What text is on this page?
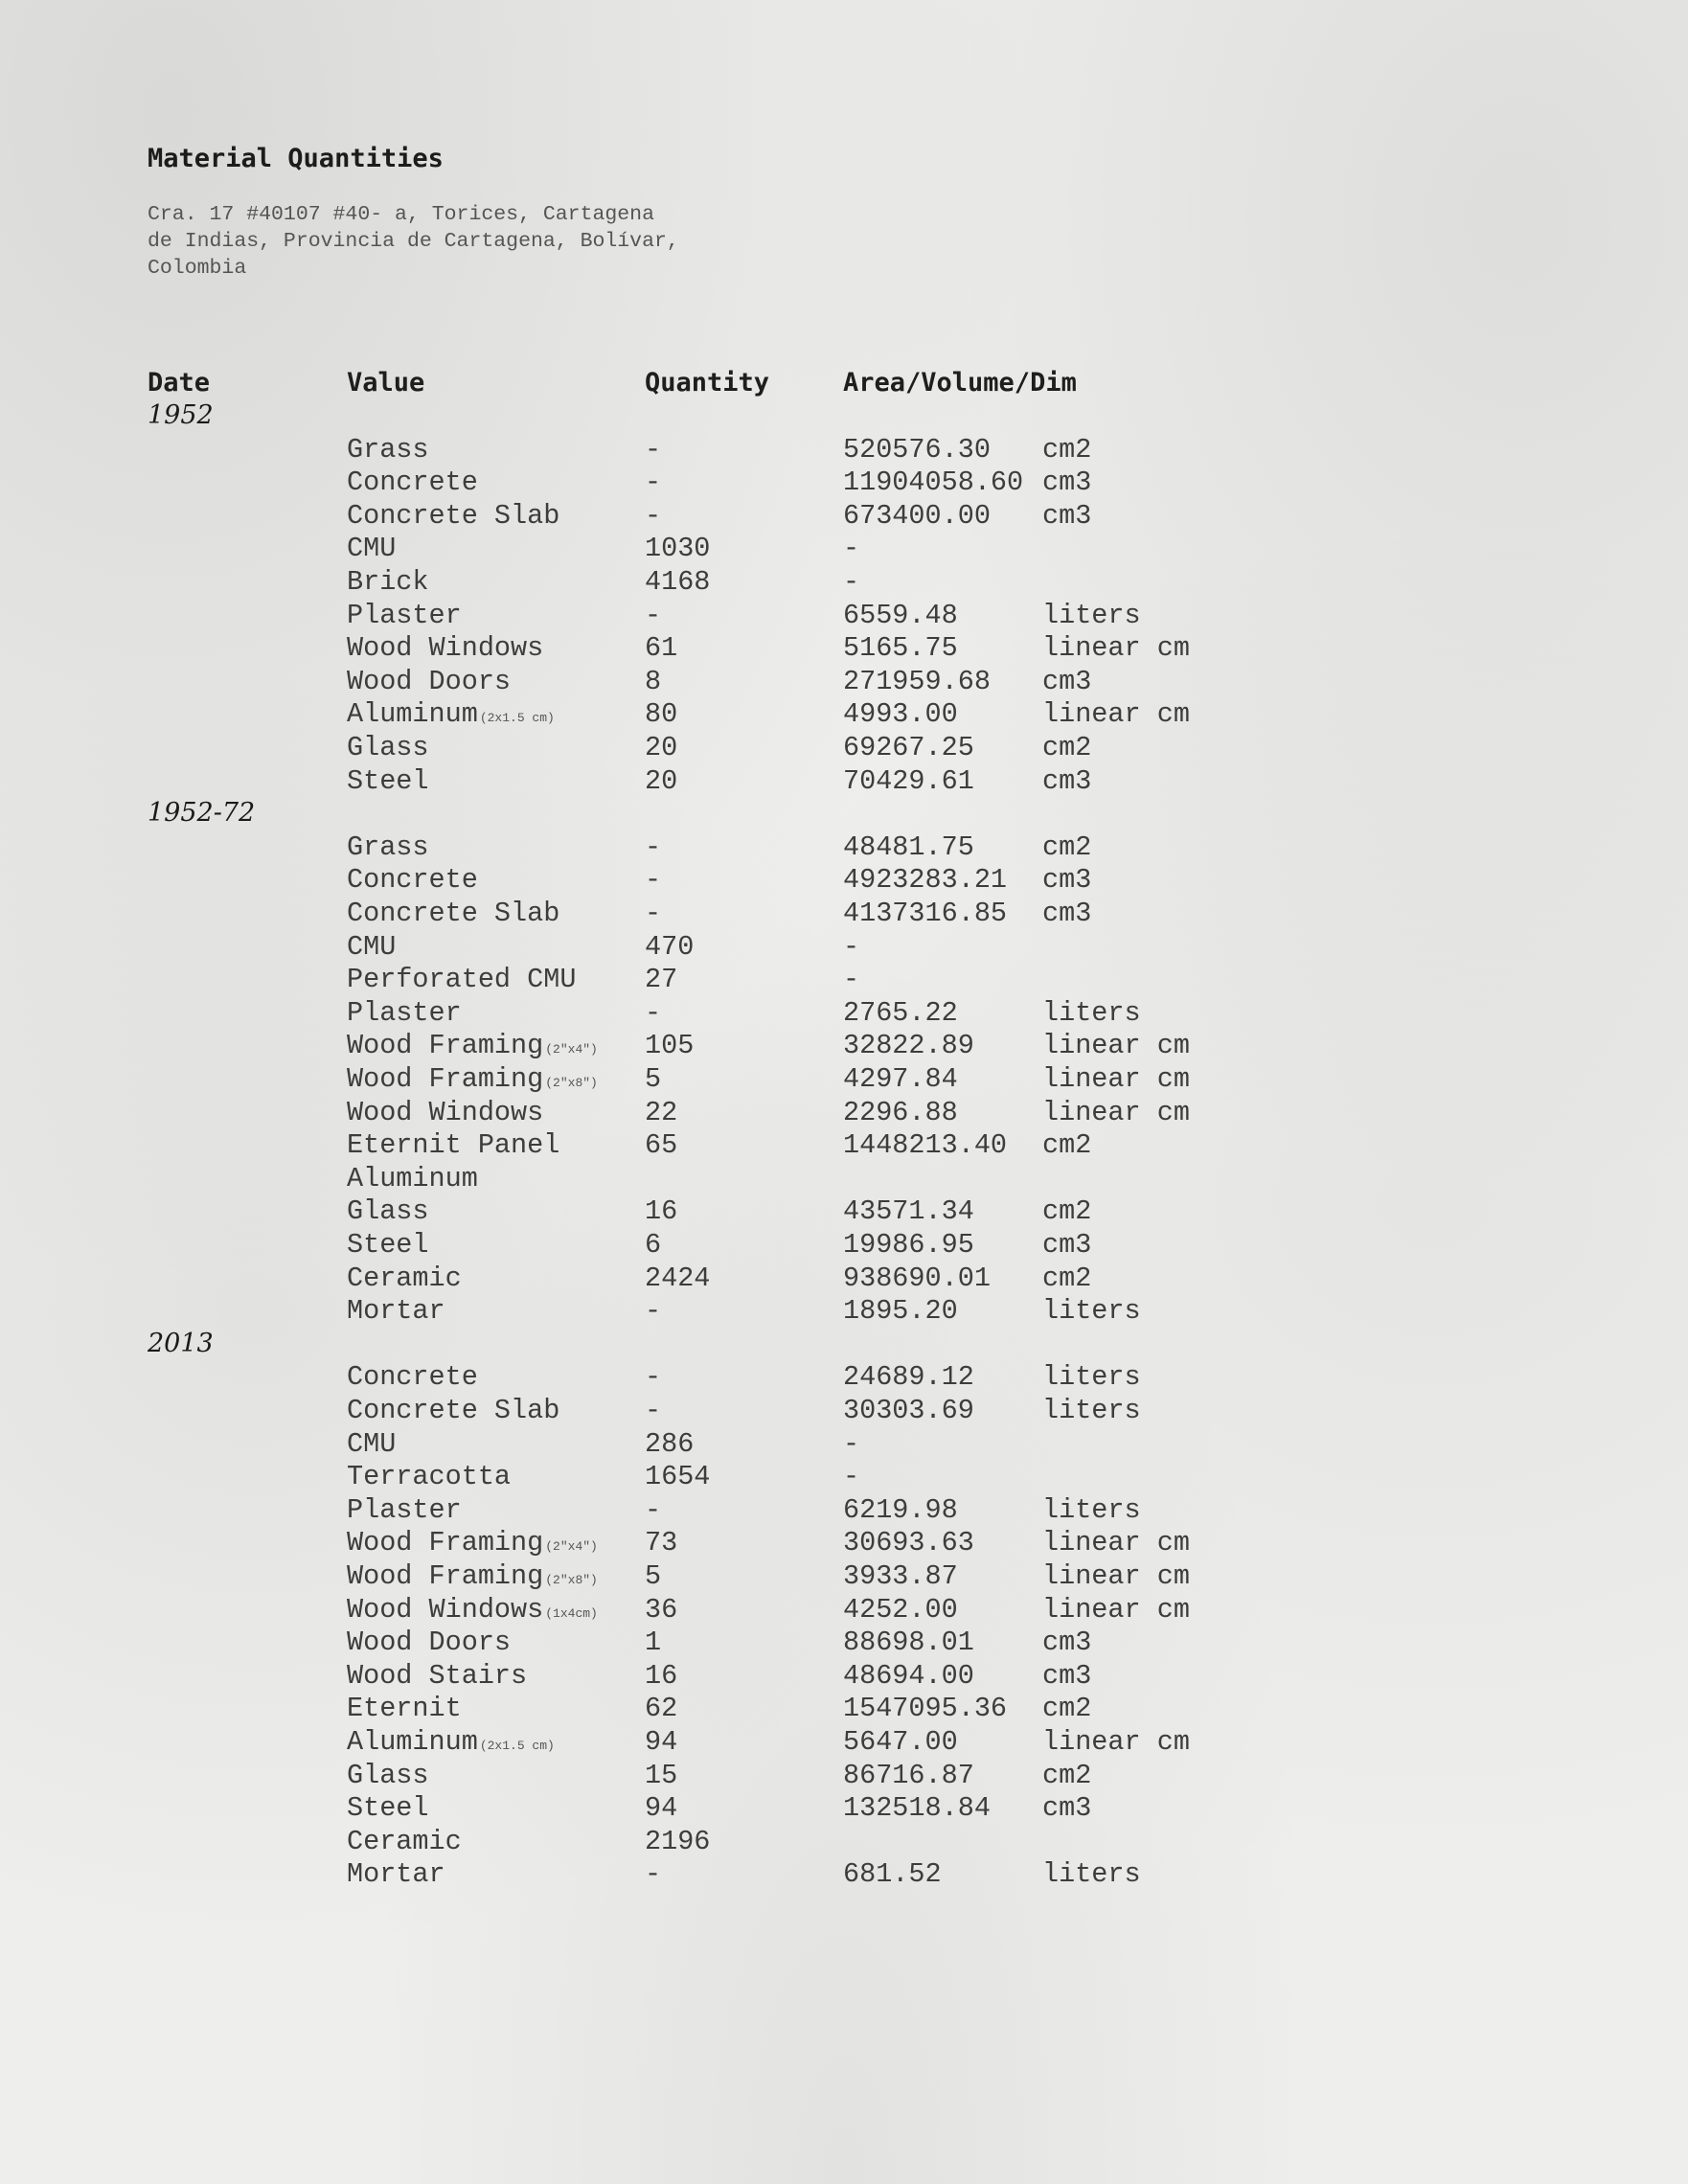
Material Quantities
Cra. 17 #40107 #40- a, Torices, Cartagena
de Indias, Provincia de Cartagena, Bolívar,
Colombia
Date	Value	Quantity	Area/Volume/Dim
1952
Grass	-	520576.30 cm2
Concrete	-	11904058.60 cm3
Concrete Slab	-	673400.00 cm3
CMU	1030	-
Brick	4168	-
Plaster	-	6559.48	liters
Wood Windows	61	5165.75	linear cm
Wood Doors	8	271959.68 cm3
Aluminum (2x1.5 cm)	80	4993.00	linear cm
Glass	20	69267.25 cm2
Steel	20	70429.61 cm3
1952-72
Grass	-	48481.75 cm2
Concrete	-	4923283.21 cm3
Concrete Slab	-	4137316.85 cm3
CMU	470	-
Perforated CMU	27	-
Plaster	-	2765.22	liters
Wood Framing (2"x4") 105	32822.89 linear cm
Wood Framing (2"x8") 5	4297.84	linear cm
Wood Windows	22	2296.88	linear cm
Eternit Panel	65	1448213.40 cm2
Aluminum
Glass	16	43571.34 cm2
Steel	6	19986.95 cm3
Ceramic	2424	938690.01 cm2
Mortar	-	1895.20	liters
2013
Concrete	-	24689.12 liters
Concrete Slab	-	30303.69 liters
CMU	286	-
Terracotta	1654	-
Plaster	-	6219.98	liters
Wood Framing (2"x4") 73	30693.63 linear cm
Wood Framing (2"x8") 5	3933.87	linear cm
Wood Windows (1x4cm) 36	4252.00	linear cm
Wood Doors	1	88698.01 cm3
Wood Stairs	16	48694.00 cm3
Eternit	62	1547095.36 cm2
Aluminum (2x1.5 cm)	94	5647.00	linear cm
Glass	15	86716.87 cm2
Steel	94	132518.84 cm3
Ceramic	2196
Mortar	-	681.52	liters
